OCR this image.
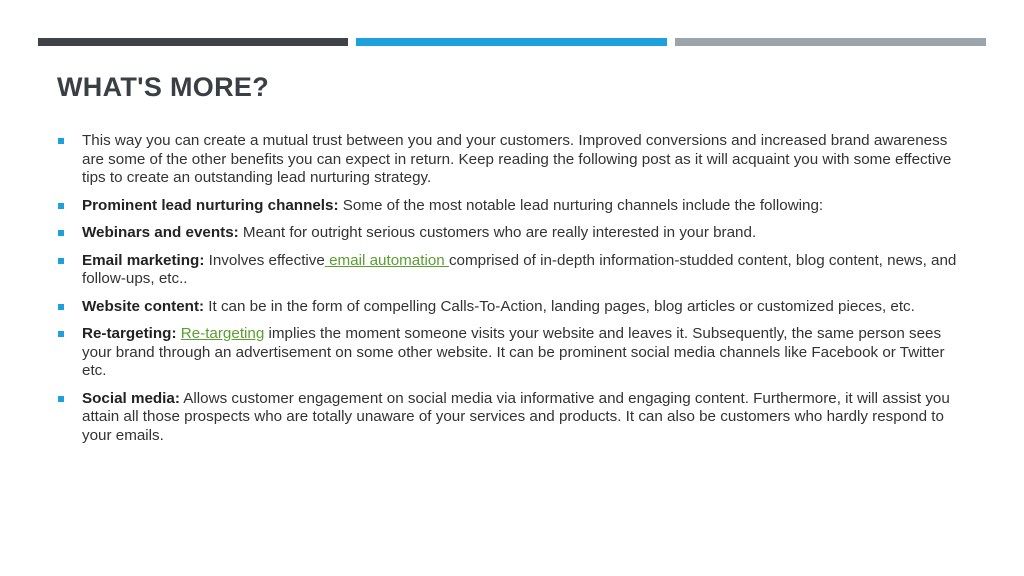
WHAT'S MORE?
This way you can create a mutual trust between you and your customers. Improved conversions and increased brand awareness are some of the other benefits you can expect in return. Keep reading the following post as it will acquaint you with some effective tips to create an outstanding lead nurturing strategy.
Prominent lead nurturing channels: Some of the most notable lead nurturing channels include the following:
Webinars and events: Meant for outright serious customers who are really interested in your brand.
Email marketing: Involves effective email automation comprised of in-depth information-studded content, blog content, news, and follow-ups, etc..
Website content: It can be in the form of compelling Calls-To-Action, landing pages, blog articles or customized pieces, etc.
Re-targeting: Re-targeting implies the moment someone visits your website and leaves it. Subsequently, the same person sees your brand through an advertisement on some other website. It can be prominent social media channels like Facebook or Twitter etc.
Social media: Allows customer engagement on social media via informative and engaging content. Furthermore, it will assist you attain all those prospects who are totally unaware of your services and products. It can also be customers who hardly respond to your emails.
